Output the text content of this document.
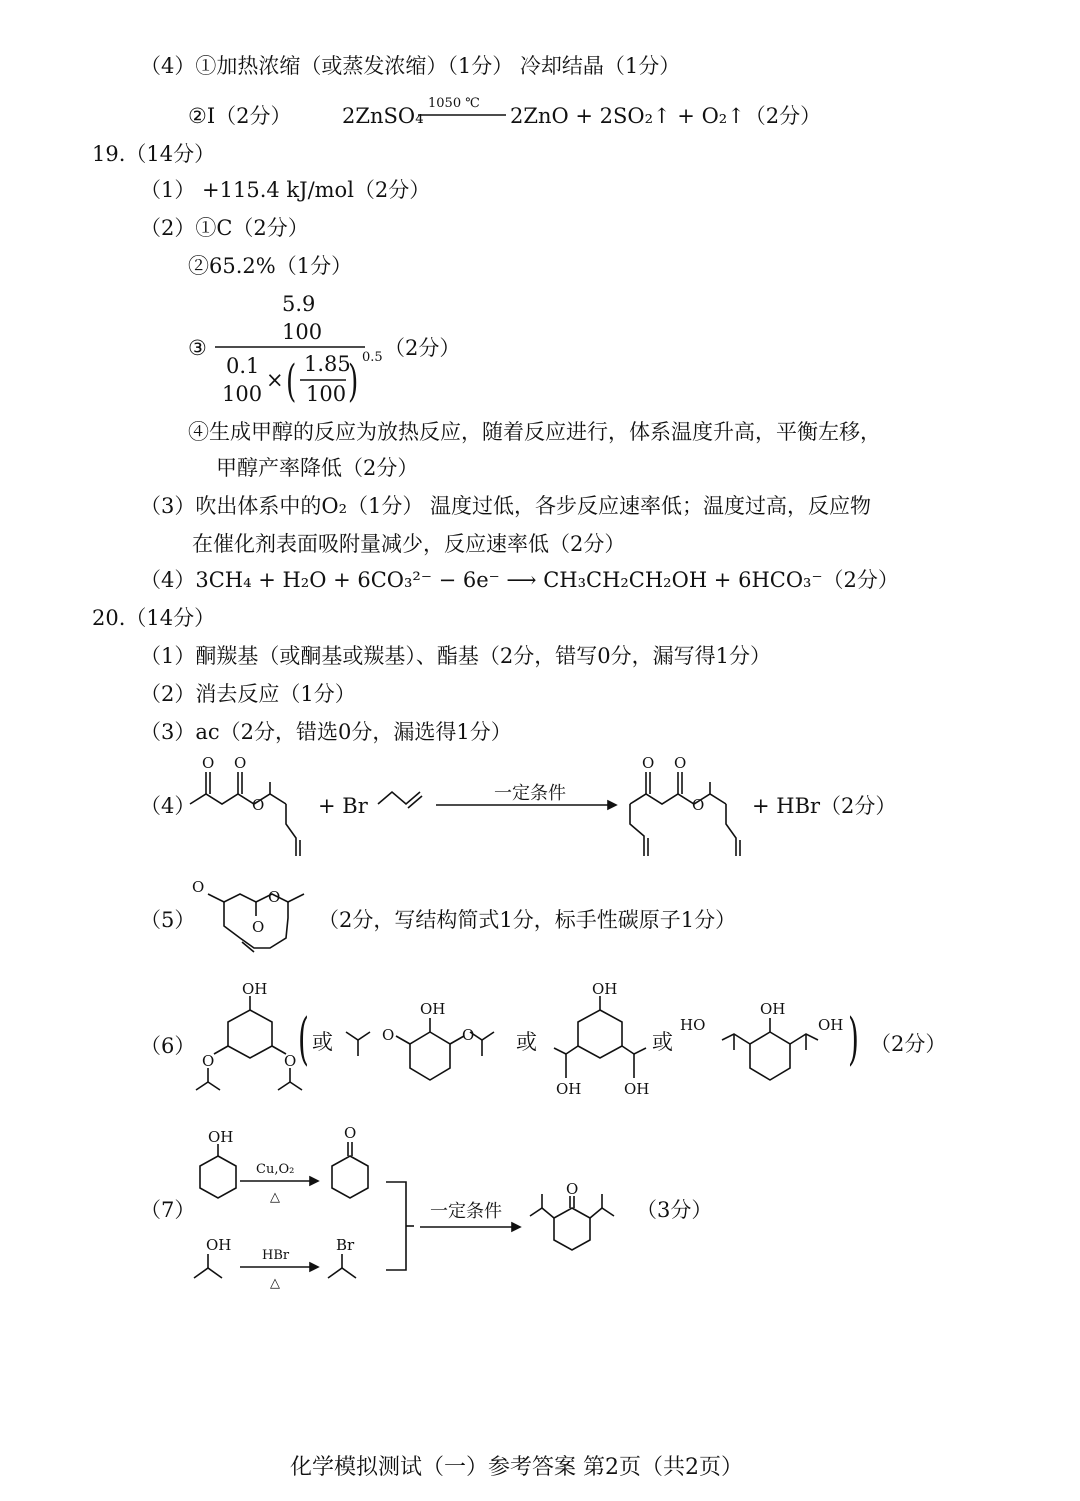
（4）①加热浓缩（或蒸发浓缩）（1分） 冷却结晶（1分）
②Ⅰ（2分） 2ZnSO₄
1050 ℃
2ZnO + 2SO₂↑ + O₂↑（2分）
19.（14分）
（1） +115.4 kJ/mol（2分）
（2）①C（2分）
②65.2%（1分）
5.9
100
③
0.1
100
× ( 1.85
100 ) 0.5 （2分）
④生成甲醇的反应为放热反应，随着反应进行，体系温度升高，平衡左移，
甲醇产率降低（2分）
（3）吹出体系中的O₂（1分） 温度过低，各步反应速率低；温度过高，反应物
在催化剂表面吸附量减少，反应速率低（2分）
（4）3CH₄ + H₂O + 6CO₃²⁻ − 6e⁻ ⟶ CH₃CH₂CH₂OH + 6HCO₃⁻（2分）
20.（14分）
（1）酮羰基（或酮基或羰基）、酯基（2分，错写0分，漏写得1分）
（2）消去反应（1分）
（3）ac（2分，错选0分，漏选得1分）
（4）
O O
O	+ Br
一定条件
O O
O + HBr（2分）
（5）
O
O
O
（2分，写结构简式1分，标手性碳原子1分）
（6）
OH
O	O ( 或
OH
O	O 或
OH
OH	OH
或
OH
HO	OH ) （2分）
（7）
OH
Cu,O₂
△
O
OH
HBr
△
Br
一定条件
O
（3分）
化学模拟测试（一）参考答案 第2页（共2页）
